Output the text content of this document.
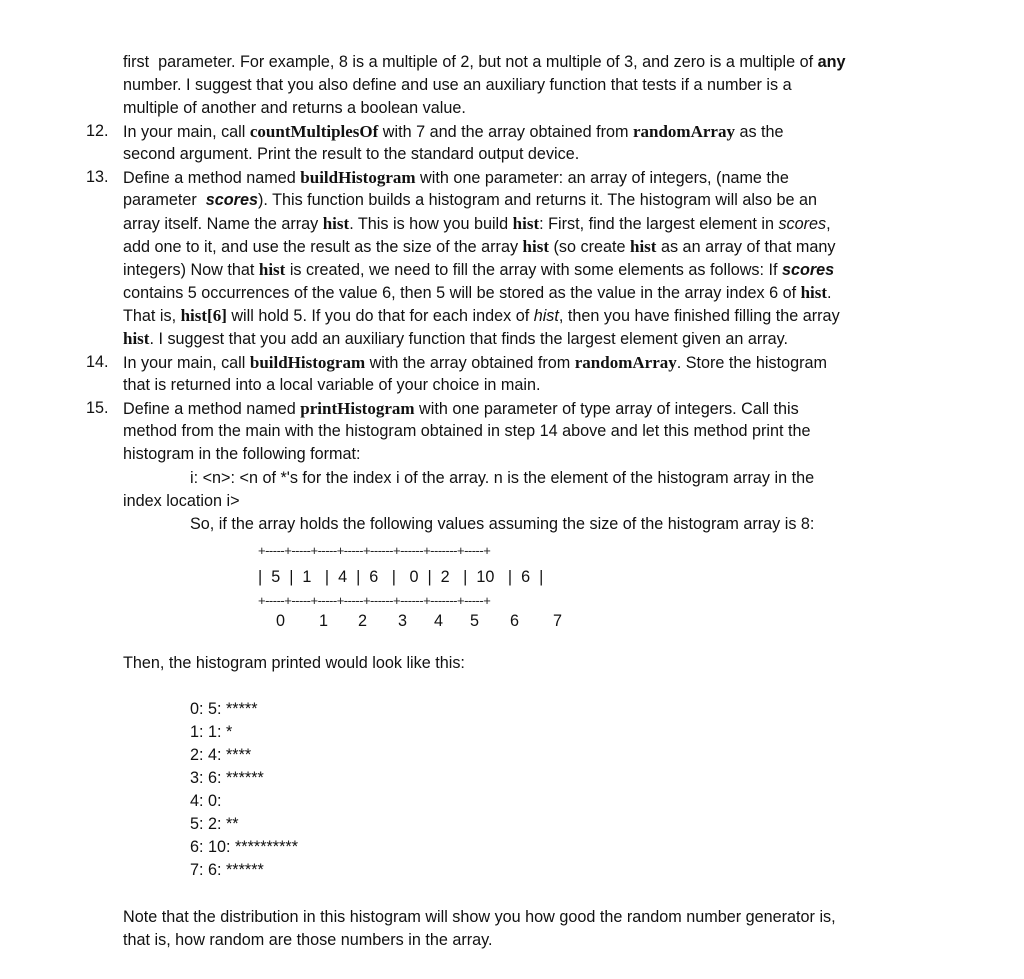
first  parameter. For example, 8 is a multiple of 2, but not a multiple of 3, and zero is a multiple of any
number. I suggest that you also define and use an auxiliary function that tests if a number is a
multiple of another and returns a boolean value.
12. In your main, call countMultiplesOf with 7 and the array obtained from randomArray as the
second argument. Print the result to the standard output device.
13. Define a method named buildHistogram with one parameter: an array of integers, (name the
parameter  scores). This function builds a histogram and returns it. The histogram will also be an
array itself. Name the array hist. This is how you build hist: First, find the largest element in scores,
add one to it, and use the result as the size of the array hist (so create hist as an array of that many
integers) Now that hist is created, we need to fill the array with some elements as follows: If scores
contains 5 occurrences of the value 6, then 5 will be stored as the value in the array index 6 of hist.
That is, hist[6] will hold 5. If you do that for each index of hist, then you have finished filling the array
hist. I suggest that you add an auxiliary function that finds the largest element given an array.
14. In your main, call buildHistogram with the array obtained from randomArray. Store the histogram
that is returned into a local variable of your choice in main.
15. Define a method named printHistogram with one parameter of type array of integers. Call this
method from the main with the histogram obtained in step 14 above and let this method print the
histogram in the following format:
i: <n>: <n of *'s for the index i of the array. n is the element of the histogram array in the
index location i>
So, if the array holds the following values assuming the size of the histogram array is 8:
+-----+-----+-----+-----+------+------+-------+-----+
|  5  |  1   |  4  |  6   |   0  |  2   |  10   |  6  |
+-----+-----+-----+-----+------+------+-------+-----+
0 1 2 3 4 5 6 7
Then, the histogram printed would look like this:
0: 5: *****
1: 1: *
2: 4: ****
3: 6: ******
4: 0:
5: 2: **
6: 10: **********
7: 6: ******
Note that the distribution in this histogram will show you how good the random number generator is,
that is, how random are those numbers in the array.
